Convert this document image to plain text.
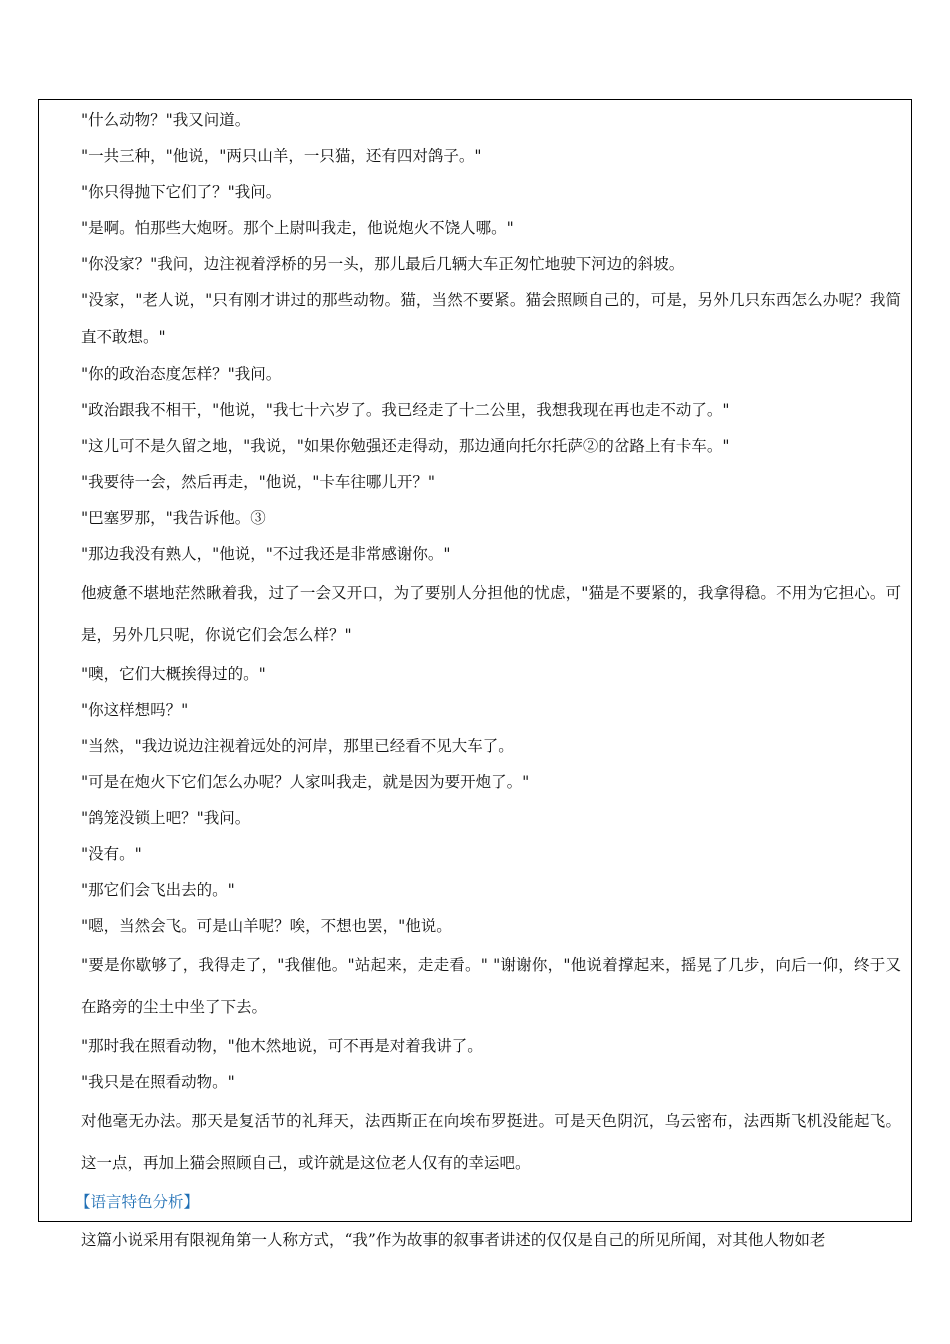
"什么动物？"我又问道。

"一共三种，"他说，"两只山羊，一只猫，还有四对鸽子。"

"你只得抛下它们了？"我问。

"是啊。怕那些大炮呀。那个上尉叫我走，他说炮火不饶人哪。"

"你没家？"我问，边注视着浮桥的另一头，那儿最后几辆大车正匆忙地驶下河边的斜坡。

"没家，"老人说，"只有刚才讲过的那些动物。猫，当然不要紧。猫会照顾自己的，可是，另外几只东西怎么办呢？我简直不敢想。"

"你的政治态度怎样？"我问。

"政治跟我不相干，"他说，"我七十六岁了。我已经走了十二公里，我想我现在再也走不动了。"

"这儿可不是久留之地，"我说，"如果你勉强还走得动，那边通向托尔托萨②的岔路上有卡车。"

"我要待一会，然后再走，"他说，"卡车往哪儿开？"

"巴塞罗那，"我告诉他。③

"那边我没有熟人，"他说，"不过我还是非常感谢你。"

他疲惫不堪地茫然瞅着我，过了一会又开口，为了要别人分担他的忧虑，"猫是不要紧的，我拿得稳。不用为它担心。可是，另外几只呢，你说它们会怎么样？"

"噢，它们大概挨得过的。"

"你这样想吗？"

"当然，"我边说边注视着远处的河岸，那里已经看不见大车了。

"可是在炮火下它们怎么办呢？人家叫我走，就是因为要开炮了。"

"鸽笼没锁上吧？"我问。

"没有。"

"那它们会飞出去的。"

"嗯，当然会飞。可是山羊呢？唉，不想也罢，"他说。

"要是你歇够了，我得走了，"我催他。"站起来，走走看。" "谢谢你，"他说着撑起来，摇晃了几步，向后一仰，终于又在路旁的尘土中坐了下去。

"那时我在照看动物，"他木然地说，可不再是对着我讲了。

"我只是在照看动物。"

对他毫无办法。那天是复活节的礼拜天，法西斯正在向埃布罗挺进。可是天色阴沉，乌云密布，法西斯飞机没能起飞。这一点，再加上猫会照顾自己，或许就是这位老人仅有的幸运吧。

【语言特色分析】

这篇小说采用有限视角第一人称方式，“我”作为故事的叙事者讲述的仅仅是自己的所见所闻，对其他人物如老
